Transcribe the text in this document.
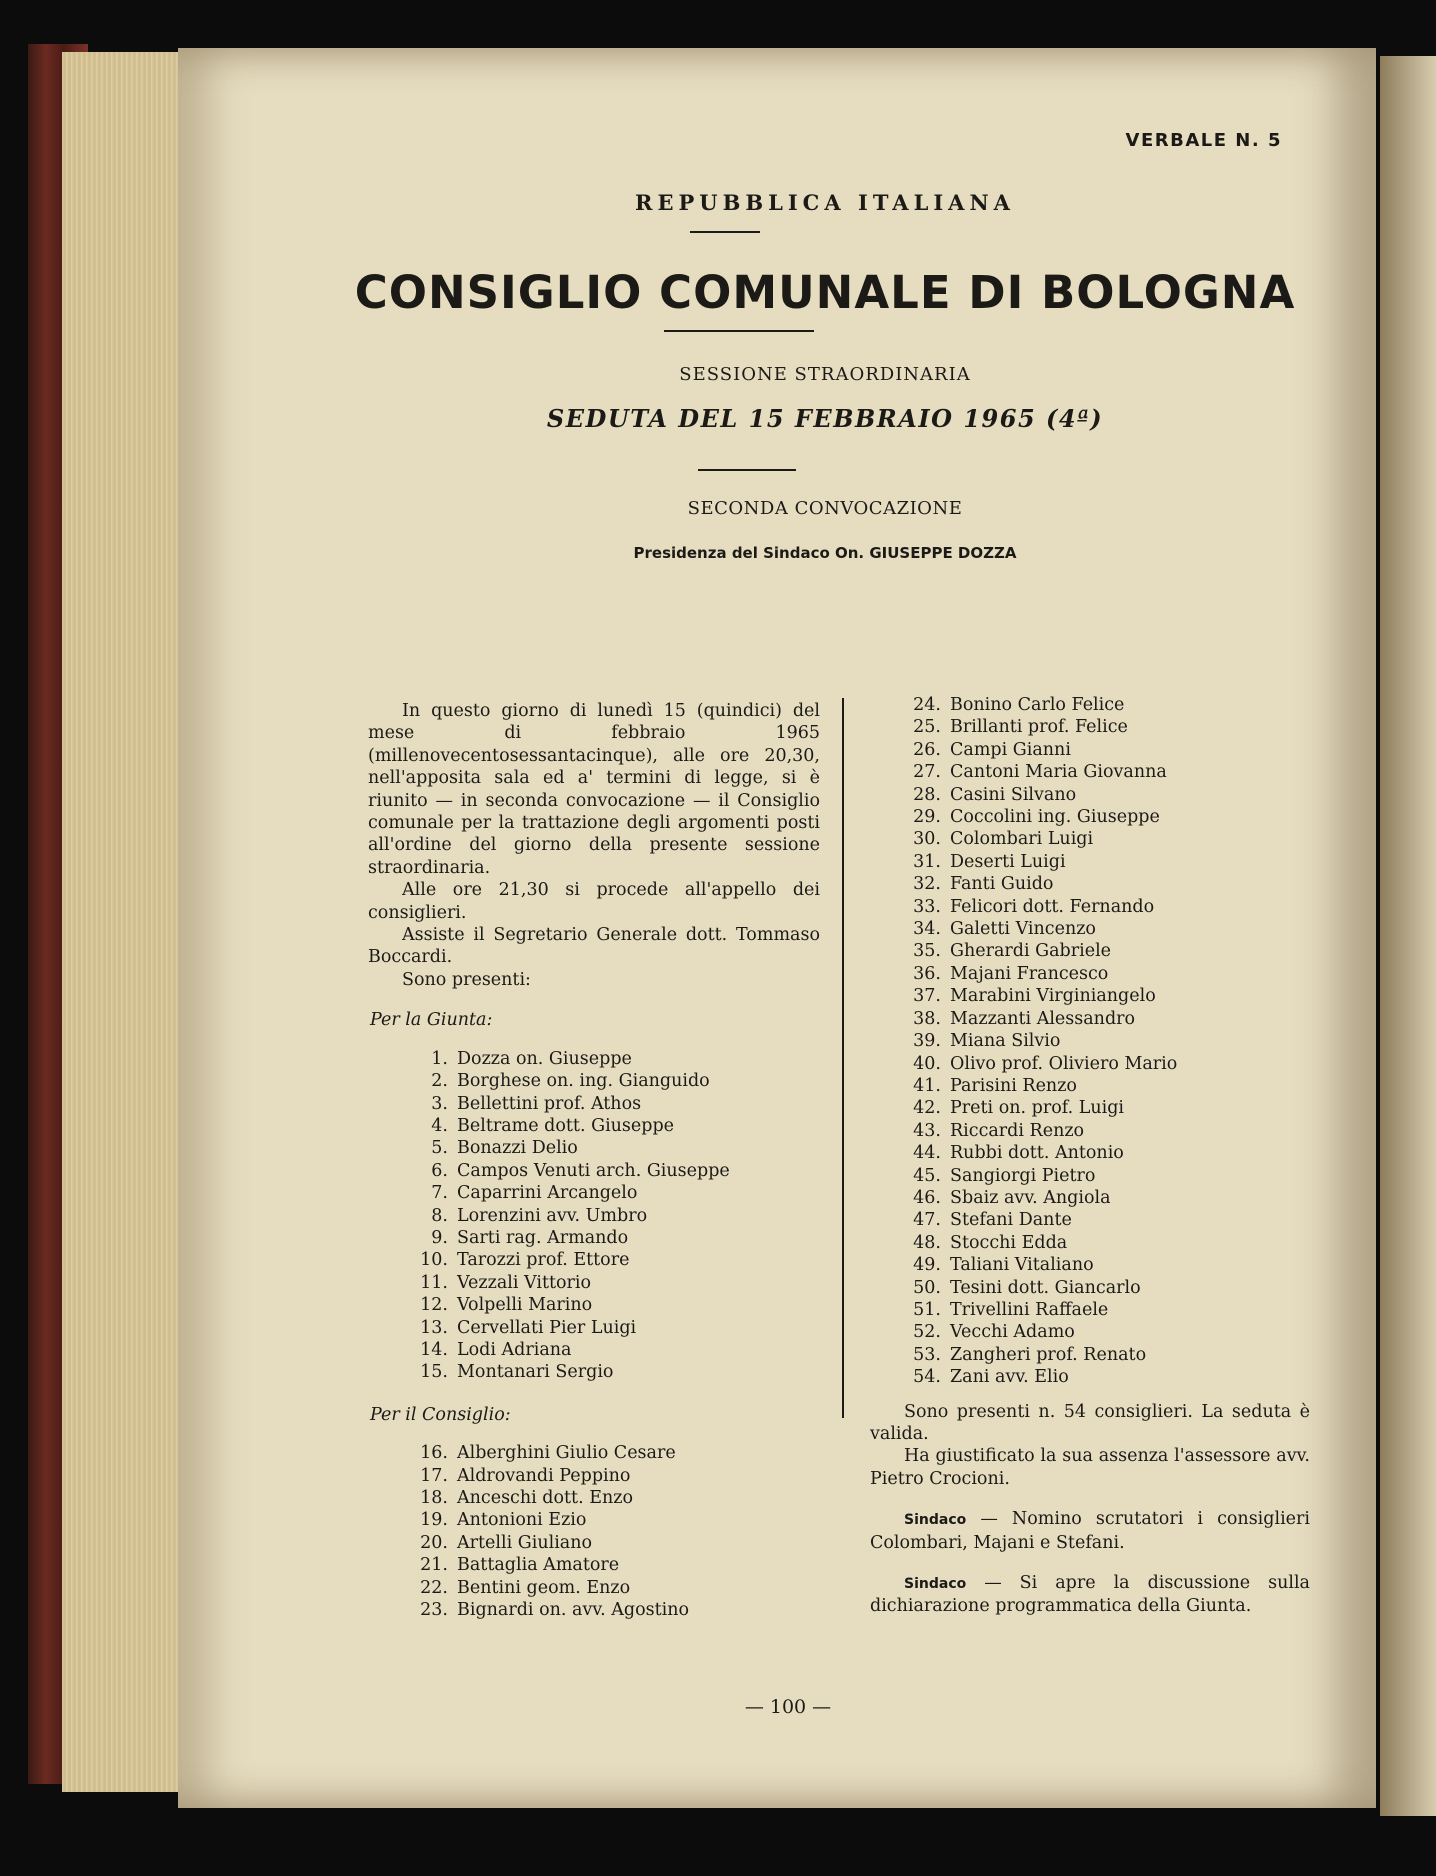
VERBALE N. 5
REPUBBLICA ITALIANA
CONSIGLIO COMUNALE DI BOLOGNA
SESSIONE STRAORDINARIA
SEDUTA DEL 15 FEBBRAIO 1965 (4ª)
SECONDA CONVOCAZIONE
Presidenza del Sindaco On. GIUSEPPE DOZZA
— 100 —
In questo giorno di lunedì 15 (quindici) del mese di febbraio 1965 (millenovecentosessantacinque), alle ore 20,30, nell'apposita sala ed a' termini di legge, si è riunito — in seconda convocazione — il Consiglio comunale per la trattazione degli argomenti posti all'ordine del giorno della presente sessione straordinaria.
Alle ore 21,30 si procede all'appello dei consiglieri.
Assiste il Segretario Generale dott. Tommaso Boccardi.
Sono presenti:
Per la Giunta:
1. Dozza on. Giuseppe
2. Borghese on. ing. Gianguido
3. Bellettini prof. Athos
4. Beltrame dott. Giuseppe
5. Bonazzi Delio
6. Campos Venuti arch. Giuseppe
7. Caparrini Arcangelo
8. Lorenzini avv. Umbro
9. Sarti rag. Armando
10. Tarozzi prof. Ettore
11. Vezzali Vittorio
12. Volpelli Marino
13. Cervellati Pier Luigi
14. Lodi Adriana
15. Montanari Sergio
Per il Consiglio:
16. Alberghini Giulio Cesare
17. Aldrovandi Peppino
18. Anceschi dott. Enzo
19. Antonioni Ezio
20. Artelli Giuliano
21. Battaglia Amatore
22. Bentini geom. Enzo
23. Bignardi on. avv. Agostino
24. Bonino Carlo Felice
25. Brillanti prof. Felice
26. Campi Gianni
27. Cantoni Maria Giovanna
28. Casini Silvano
29. Coccolini ing. Giuseppe
30. Colombari Luigi
31. Deserti Luigi
32. Fanti Guido
33. Felicori dott. Fernando
34. Galetti Vincenzo
35. Gherardi Gabriele
36. Majani Francesco
37. Marabini Virginiangelo
38. Mazzanti Alessandro
39. Miana Silvio
40. Olivo prof. Oliviero Mario
41. Parisini Renzo
42. Preti on. prof. Luigi
43. Riccardi Renzo
44. Rubbi dott. Antonio
45. Sangiorgi Pietro
46. Sbaiz avv. Angiola
47. Stefani Dante
48. Stocchi Edda
49. Taliani Vitaliano
50. Tesini dott. Giancarlo
51. Trivellini Raffaele
52. Vecchi Adamo
53. Zangheri prof. Renato
54. Zani avv. Elio
Sono presenti n. 54 consiglieri. La seduta è valida.
Ha giustificato la sua assenza l'assessore avv. Pietro Crocioni.
Sindaco — Nomino scrutatori i consiglieri Colombari, Majani e Stefani.
Sindaco — Si apre la discussione sulla dichiarazione programmatica della Giunta.
